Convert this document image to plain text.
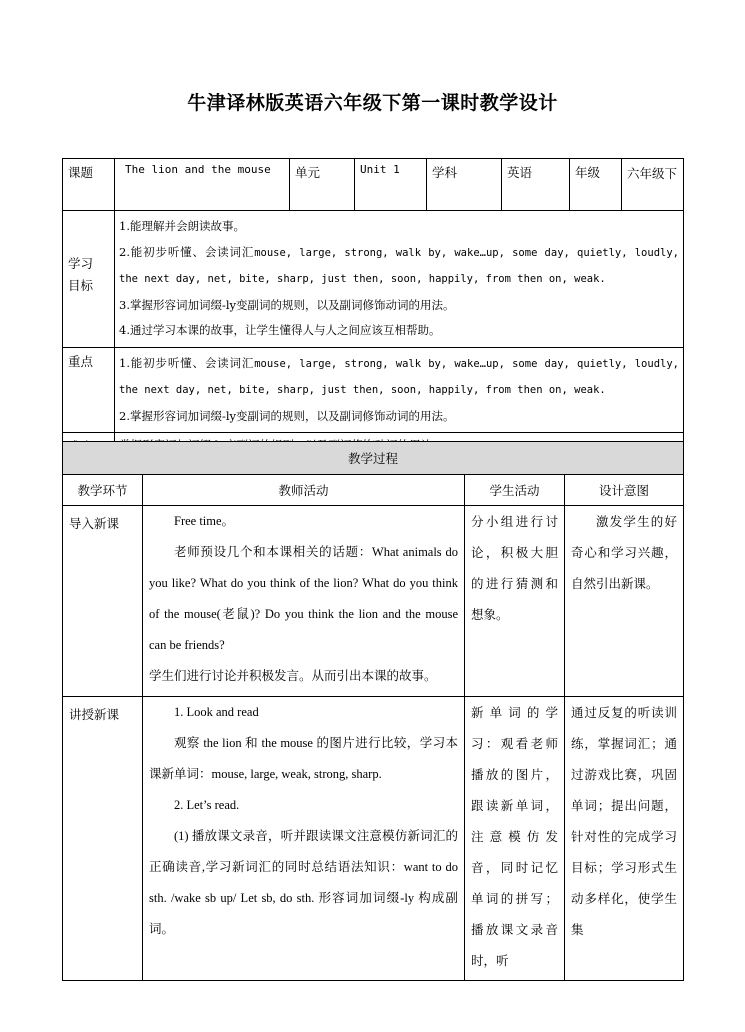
牛津译林版英语六年级下第一课时教学设计
课题	The lion and the mouse	单元	Unit 1	学科	英语	年级	六年级下

学习目标	1.能理解并会朗读故事。
2.能初步听懂、会读词汇mouse, large, strong, walk by, wake…up, some day, quietly, loudly, the next day, net, bite, sharp, just then, soon, happily, from then on, weak.
3.掌握形容词加词缀-ly变副词的规则，以及副词修饰动词的用法。
4.通过学习本课的故事，让学生懂得人与人之间应该互相帮助。						

重点	1.能初步听懂、会读词汇mouse, large, strong, walk by, wake…up, some day, quietly, loudly, the next day, net, bite, sharp, just then, soon, happily, from then on, weak.
2.掌握形容词加词缀-ly变副词的规则，以及副词修饰动词的用法。						

教学过程			
教学环节	教师活动	学生活动	设计意图
导入新课	Free time。
老师预设几个和本课相关的话题：What animals do you like? What do you think of the lion? What do you think of the mouse(老鼠)? Do you think the lion and the mouse can be friends?
学生们进行讨论并积极发言。从而引出本课的故事。	分小组进行讨论，积极大胆的进行猜测和想象。	激发学生的好奇心和学习兴趣，自然引出新课。
讲授新课	1. Look and read
观察 the lion 和 the mouse 的图片进行比较，学习本课新单词：mouse, large, weak, strong, sharp.
2. Let’s read.
(1) 播放课文录音，听并跟读课文注意模仿新词汇的正确读音,学习新词汇的同时总结语法知识：want to do sth. /wake sb up/ Let sb, do sth. 形容词加词缀-ly 构成副词。	新单词的学习：观看老师播放的图片，跟读新单词，注意模仿发音，同时记忆单词的拼写；播放课文录音时，听	通过反复的听读训练，掌握词汇；通过游戏比赛，巩固单词；提出问题，针对性的完成学习目标；学习形式生动多样化，使学生集
